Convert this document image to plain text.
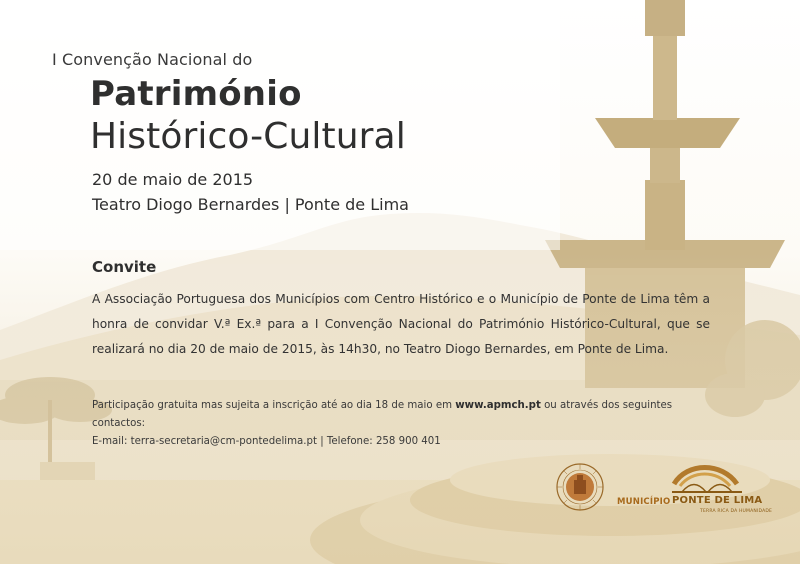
I Convenção Nacional do
Património
Histórico-Cultural
20 de maio de 2015
Teatro Diogo Bernardes | Ponte de Lima
Convite
A Associação Portuguesa dos Municípios com Centro Histórico e o Município de Ponte de Lima têm a honra de convidar V.ª Ex.ª para a I Convenção Nacional do Património Histórico-Cultural, que se realizará no dia 20 de maio de 2015, às 14h30, no Teatro Diogo Bernardes, em Ponte de Lima.
Participação gratuita mas sujeita a inscrição até ao dia 18 de maio em www.apmch.pt ou através dos seguintes contactos:
E-mail: terra-secretaria@cm-pontedelima.pt | Telefone: 258 900 401
MUNICÍPIO PONTE DE LIMA
TERRA RICA DA HUMANIDADE
